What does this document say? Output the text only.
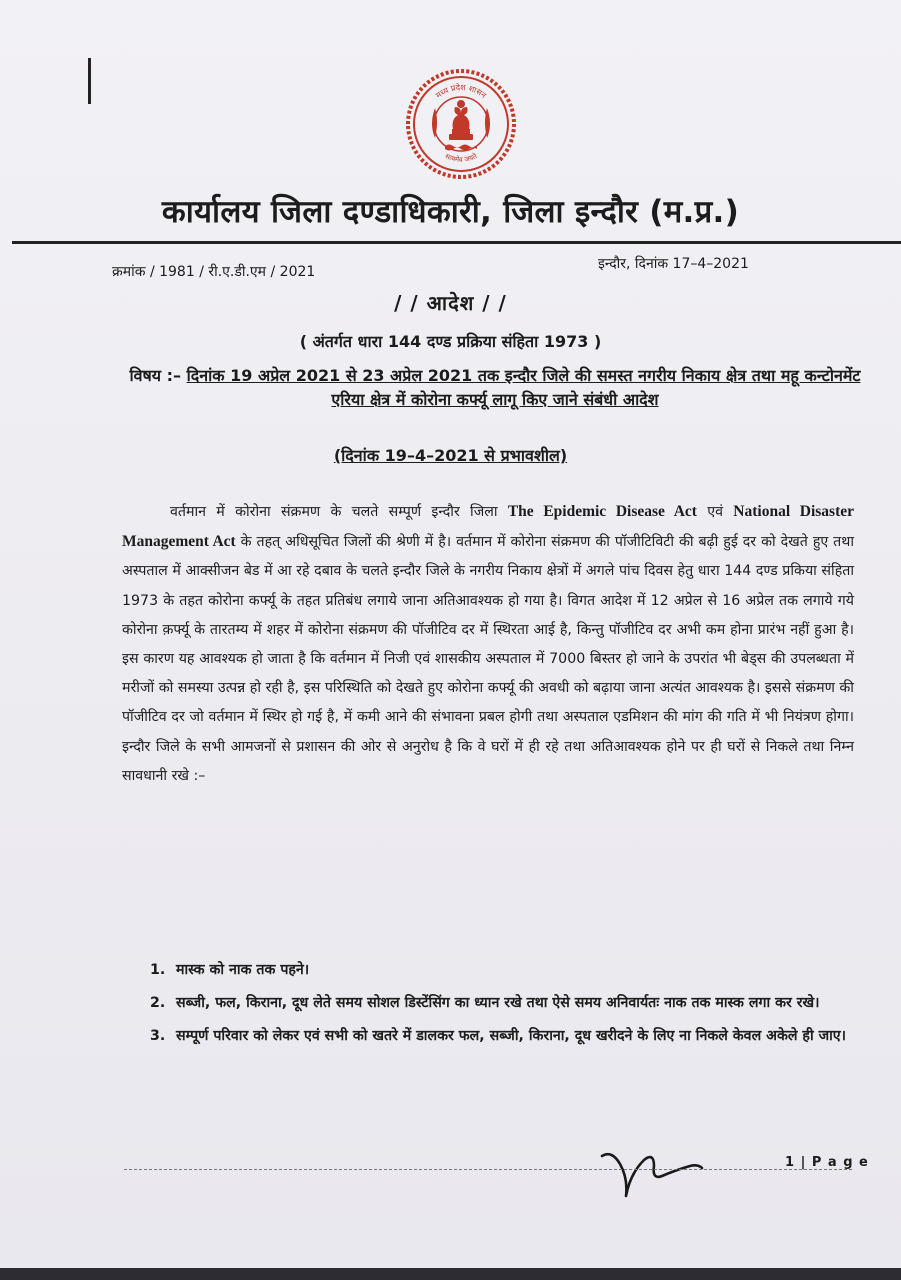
मध्य प्रदेश शासन
सत्यमेव जयते
कार्यालय जिला दण्डाधिकारी, जिला इन्दौर (म.प्र.)
क्रमांक / 1981 / री.ए.डी.एम / 2021	इन्दौर, दिनांक 17–4–2021
/ / आदेश / /
( अंतर्गत धारा 144 दण्ड प्रक्रिया संहिता 1973 )
विषय :– दिनांक 19 अप्रेल 2021 से 23 अप्रेल 2021 तक इन्दौर जिले की समस्त नगरीय निकाय क्षेत्र तथा महू कन्टोनमेंट एरिया क्षेत्र में कोरोना कर्फ्यू लागू किए जाने संबंधी आदेश
(दिनांक 19–4–2021 से प्रभावशील)

वर्तमान में कोरोना संक्रमण के चलते सम्पूर्ण इन्दौर जिला The Epidemic Disease Act एवं National Disaster Management Act के तहत् अधिसूचित जिलों की श्रेणी में है। वर्तमान में कोरोना संक्रमण की पॉजीटिविटी की बढ़ी हुई दर को देखते हुए तथा अस्पताल में आक्सीजन बेड में आ रहे दबाव के चलते इन्दौर जिले के नगरीय निकाय क्षेत्रों में अगले पांच दिवस हेतु धारा 144 दण्ड प्रकिया संहिता 1973 के तहत कोरोना कर्फ्यू के तहत प्रतिबंध लगाये जाना अतिआवश्यक हो गया है। विगत आदेश में 12 अप्रेल से 16 अप्रेल तक लगाये गये कोरोना क़र्फ्यू के तारतम्य में शहर में कोरोना संक्रमण की पॉजीटिव दर में स्थिरता आई है, किन्तु पॉजीटिव दर अभी कम होना प्रारंभ नहीं हुआ है। इस कारण यह आवश्यक हो जाता है कि वर्तमान में निजी एवं शासकीय अस्पताल में 7000 बिस्तर हो जाने के उपरांत भी बेड्स की उपलब्धता में मरीजों को समस्या उत्पन्न हो रही है, इस परिस्थिति को देखते हुए कोरोना कर्फ्यू की अवधी को बढ़ाया जाना अत्यंत आवश्यक है। इससे संक्रमण की पॉजीटिव दर जो वर्तमान में स्थिर हो गई है, में कमी आने की संभावना प्रबल होगी तथा अस्पताल एडमिशन की मांग की गति में भी नियंत्रण होगा। इन्दौर जिले के सभी आमजनों से प्रशासन की ओर से अनुरोध है कि वे घरों में ही रहे तथा अतिआवश्यक होने पर ही घरों से निकले तथा निम्न सावधानी रखे :–

1. मास्क को नाक तक पहने।
2. सब्जी, फल, किराना, दूध लेते समय सोशल डिस्टेंसिंग का ध्यान रखे तथा ऐसे समय अनिवार्यतः नाक तक मास्क लगा कर रखे।
3. सम्पूर्ण परिवार को लेकर एवं सभी को खतरे में डालकर फल, सब्जी, किराना, दूध खरीदने के लिए ना निकले केवल अकेले ही जाए।
1 | P a g e
